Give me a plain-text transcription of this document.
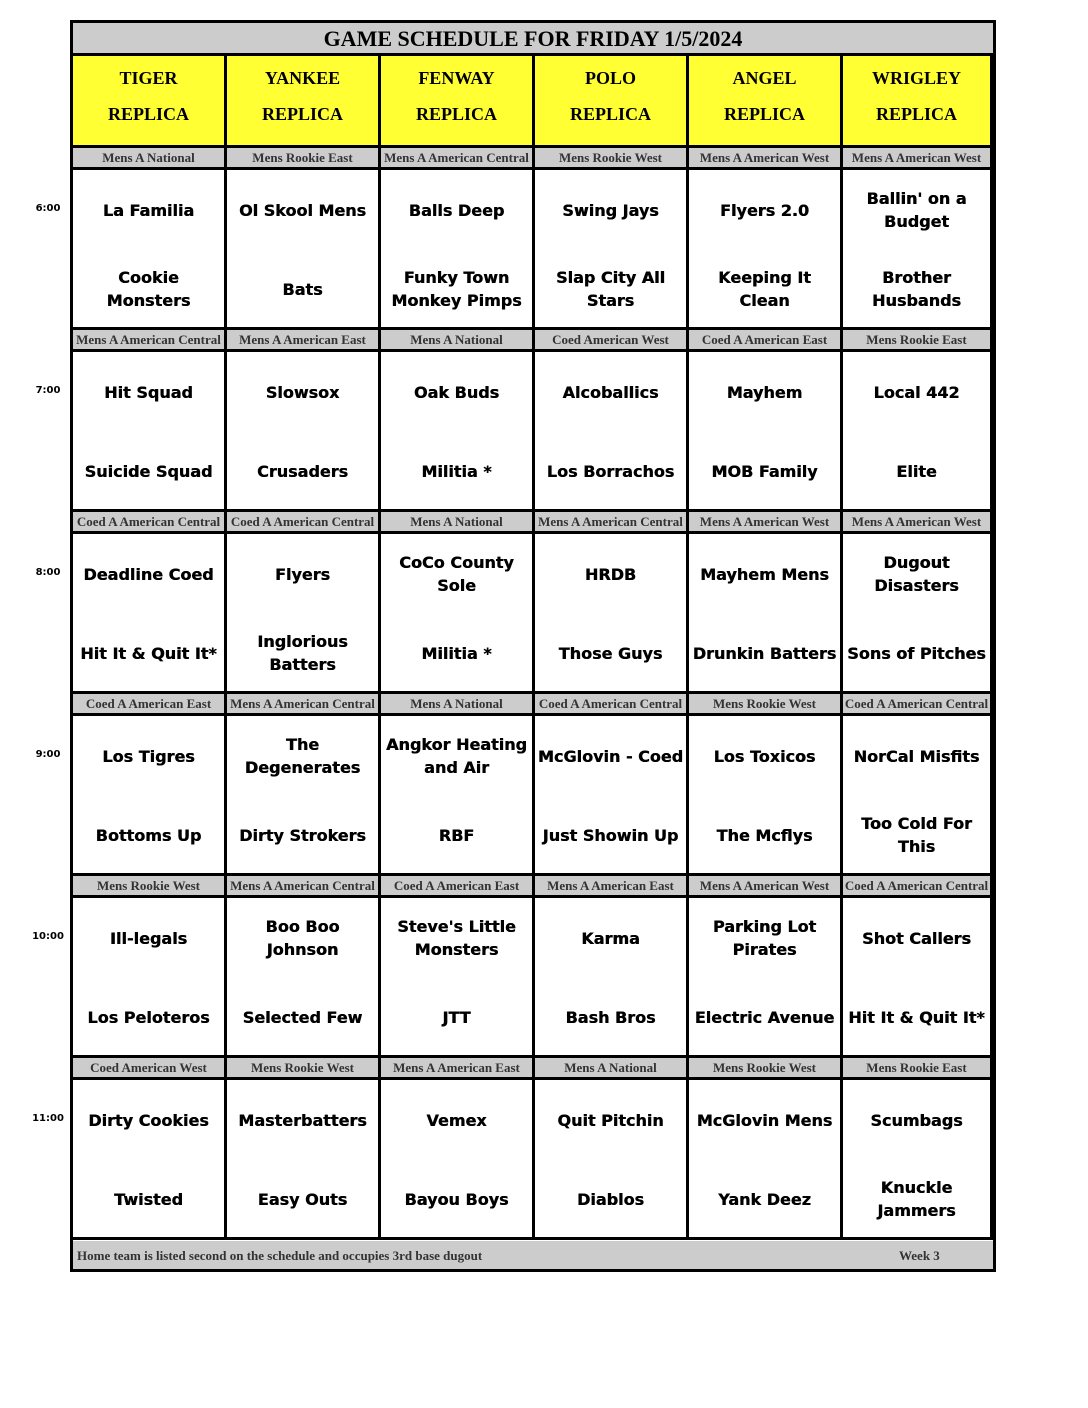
GAME SCHEDULE FOR FRIDAY 1/5/2024
TIGER
REPLICA
YANKEE
REPLICA
FENWAY
REPLICA
POLO
REPLICA
ANGEL
REPLICA
WRIGLEY
REPLICA
Mens A National
La Familia
Cookie Monsters
Mens Rookie East
Ol Skool Mens
Bats
Mens A American Central
Balls Deep
Funky Town Monkey Pimps
Mens Rookie West
Swing Jays
Slap City All Stars
Mens A American West
Flyers 2.0
Keeping It Clean
Mens A American West
Ballin' on a Budget
Brother Husbands
Mens A American Central
Hit Squad
Suicide Squad
Mens A American East
Slowsox
Crusaders
Mens A National
Oak Buds
Militia *
Coed American West
Alcoballics
Los Borrachos
Coed A American East
Mayhem
MOB Family
Mens Rookie East
Local 442
Elite
Coed A American Central
Deadline Coed
Hit It & Quit It*
Coed A American Central
Flyers
Inglorious Batters
Mens A National
CoCo County Sole
Militia *
Mens A American Central
HRDB
Those Guys
Mens A American West
Mayhem Mens
Drunkin Batters
Mens A American West
Dugout Disasters
Sons of Pitches
Coed A American East
Los Tigres
Bottoms Up
Mens A American Central
The Degenerates
Dirty Strokers
Mens A National
Angkor Heating and Air
RBF
Coed A American Central
McGlovin - Coed
Just Showin Up
Mens Rookie West
Los Toxicos
The Mcflys
Coed A American Central
NorCal Misfits
Too Cold For This
Mens Rookie West
Ill-legals
Los Peloteros
Mens A American Central
Boo Boo Johnson
Selected Few
Coed A American East
Steve's Little Monsters
JTT
Mens A American East
Karma
Bash Bros
Mens A American West
Parking Lot Pirates
Electric Avenue
Coed A American Central
Shot Callers
Hit It & Quit It*
Coed American West
Dirty Cookies
Twisted
Mens Rookie West
Masterbatters
Easy Outs
Mens A American East
Vemex
Bayou Boys
Mens A National
Quit Pitchin
Diablos
Mens Rookie West
McGlovin Mens
Yank Deez
Mens Rookie East
Scumbags
Knuckle Jammers
Home team is listed second on the schedule and occupies 3rd base dugout	Week 3
6:00
7:00
8:00
9:00
10:00
11:00
